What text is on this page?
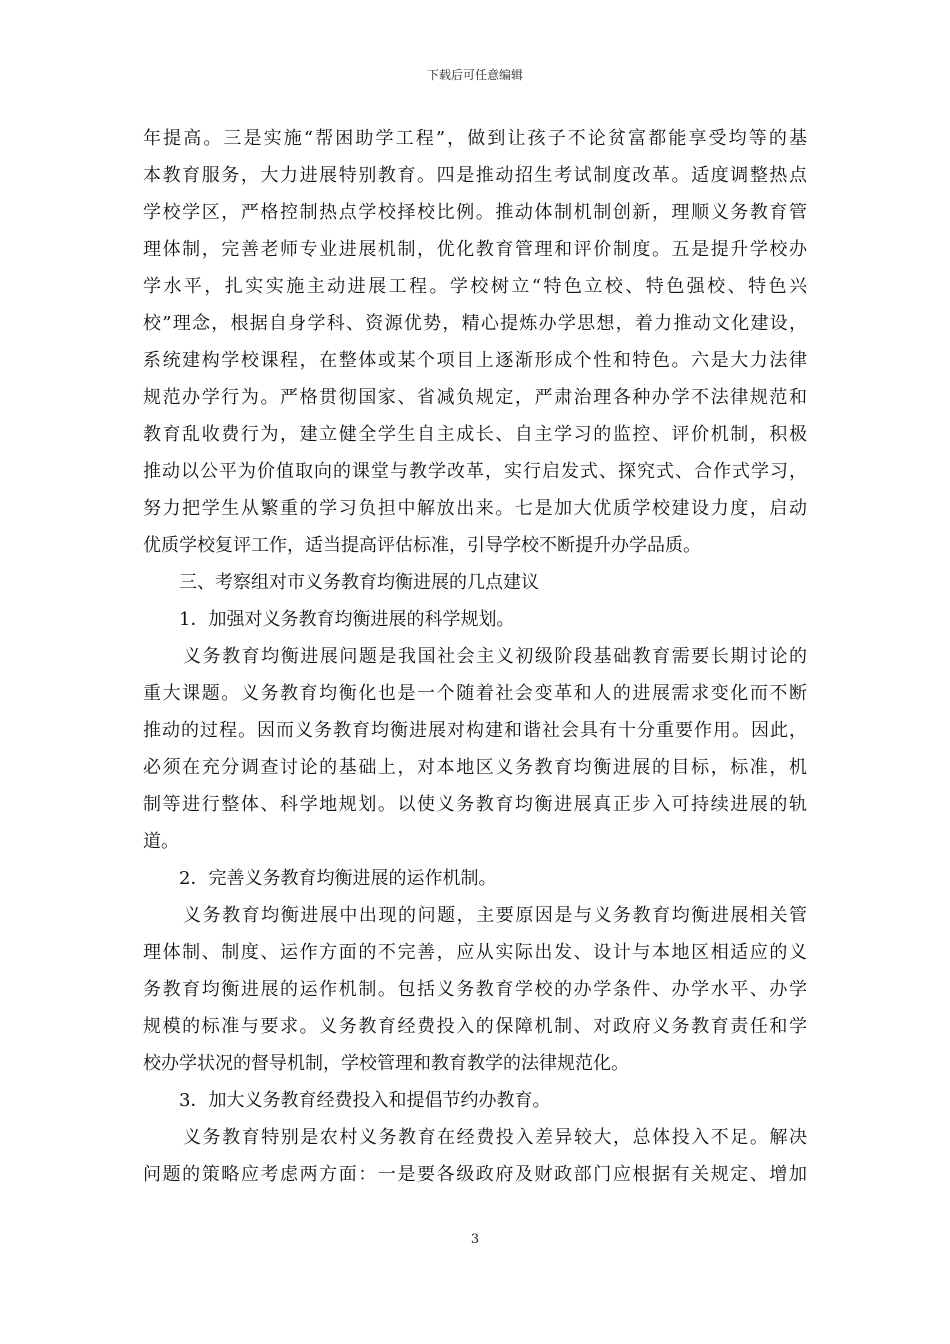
下载后可任意编辑
年提高。三是实施“帮困助学工程”，做到让孩子不论贫富都能享受均等的基
本教育服务，大力进展特别教育。四是推动招生考试制度改革。适度调整热点
学校学区，严格控制热点学校择校比例。推动体制机制创新，理顺义务教育管
理体制，完善老师专业进展机制，优化教育管理和评价制度。五是提升学校办
学水平，扎实实施主动进展工程。学校树立“特色立校、特色强校、特色兴
校”理念，根据自身学科、资源优势，精心提炼办学思想，着力推动文化建设，
系统建构学校课程，在整体或某个项目上逐渐形成个性和特色。六是大力法律
规范办学行为。严格贯彻国家、省减负规定，严肃治理各种办学不法律规范和
教育乱收费行为，建立健全学生自主成长、自主学习的监控、评价机制，积极
推动以公平为价值取向的课堂与教学改革，实行启发式、探究式、合作式学习，
努力把学生从繁重的学习负担中解放出来。七是加大优质学校建设力度，启动
优质学校复评工作，适当提高评估标准，引导学校不断提升办学品质。
三、考察组对市义务教育均衡进展的几点建议
1．加强对义务教育均衡进展的科学规划。
义务教育均衡进展问题是我国社会主义初级阶段基础教育需要长期讨论的
重大课题。义务教育均衡化也是一个随着社会变革和人的进展需求变化而不断
推动的过程。因而义务教育均衡进展对构建和谐社会具有十分重要作用。因此，
必须在充分调查讨论的基础上，对本地区义务教育均衡进展的目标，标准，机
制等进行整体、科学地规划。以使义务教育均衡进展真正步入可持续进展的轨
道。
2．完善义务教育均衡进展的运作机制。
义务教育均衡进展中出现的问题，主要原因是与义务教育均衡进展相关管
理体制、制度、运作方面的不完善，应从实际出发、设计与本地区相适应的义
务教育均衡进展的运作机制。包括义务教育学校的办学条件、办学水平、办学
规模的标准与要求。义务教育经费投入的保障机制、对政府义务教育责任和学
校办学状况的督导机制，学校管理和教育教学的法律规范化。
3．加大义务教育经费投入和提倡节约办教育。
义务教育特别是农村义务教育在经费投入差异较大，总体投入不足。解决
问题的策略应考虑两方面：一是要各级政府及财政部门应根据有关规定、增加
3
